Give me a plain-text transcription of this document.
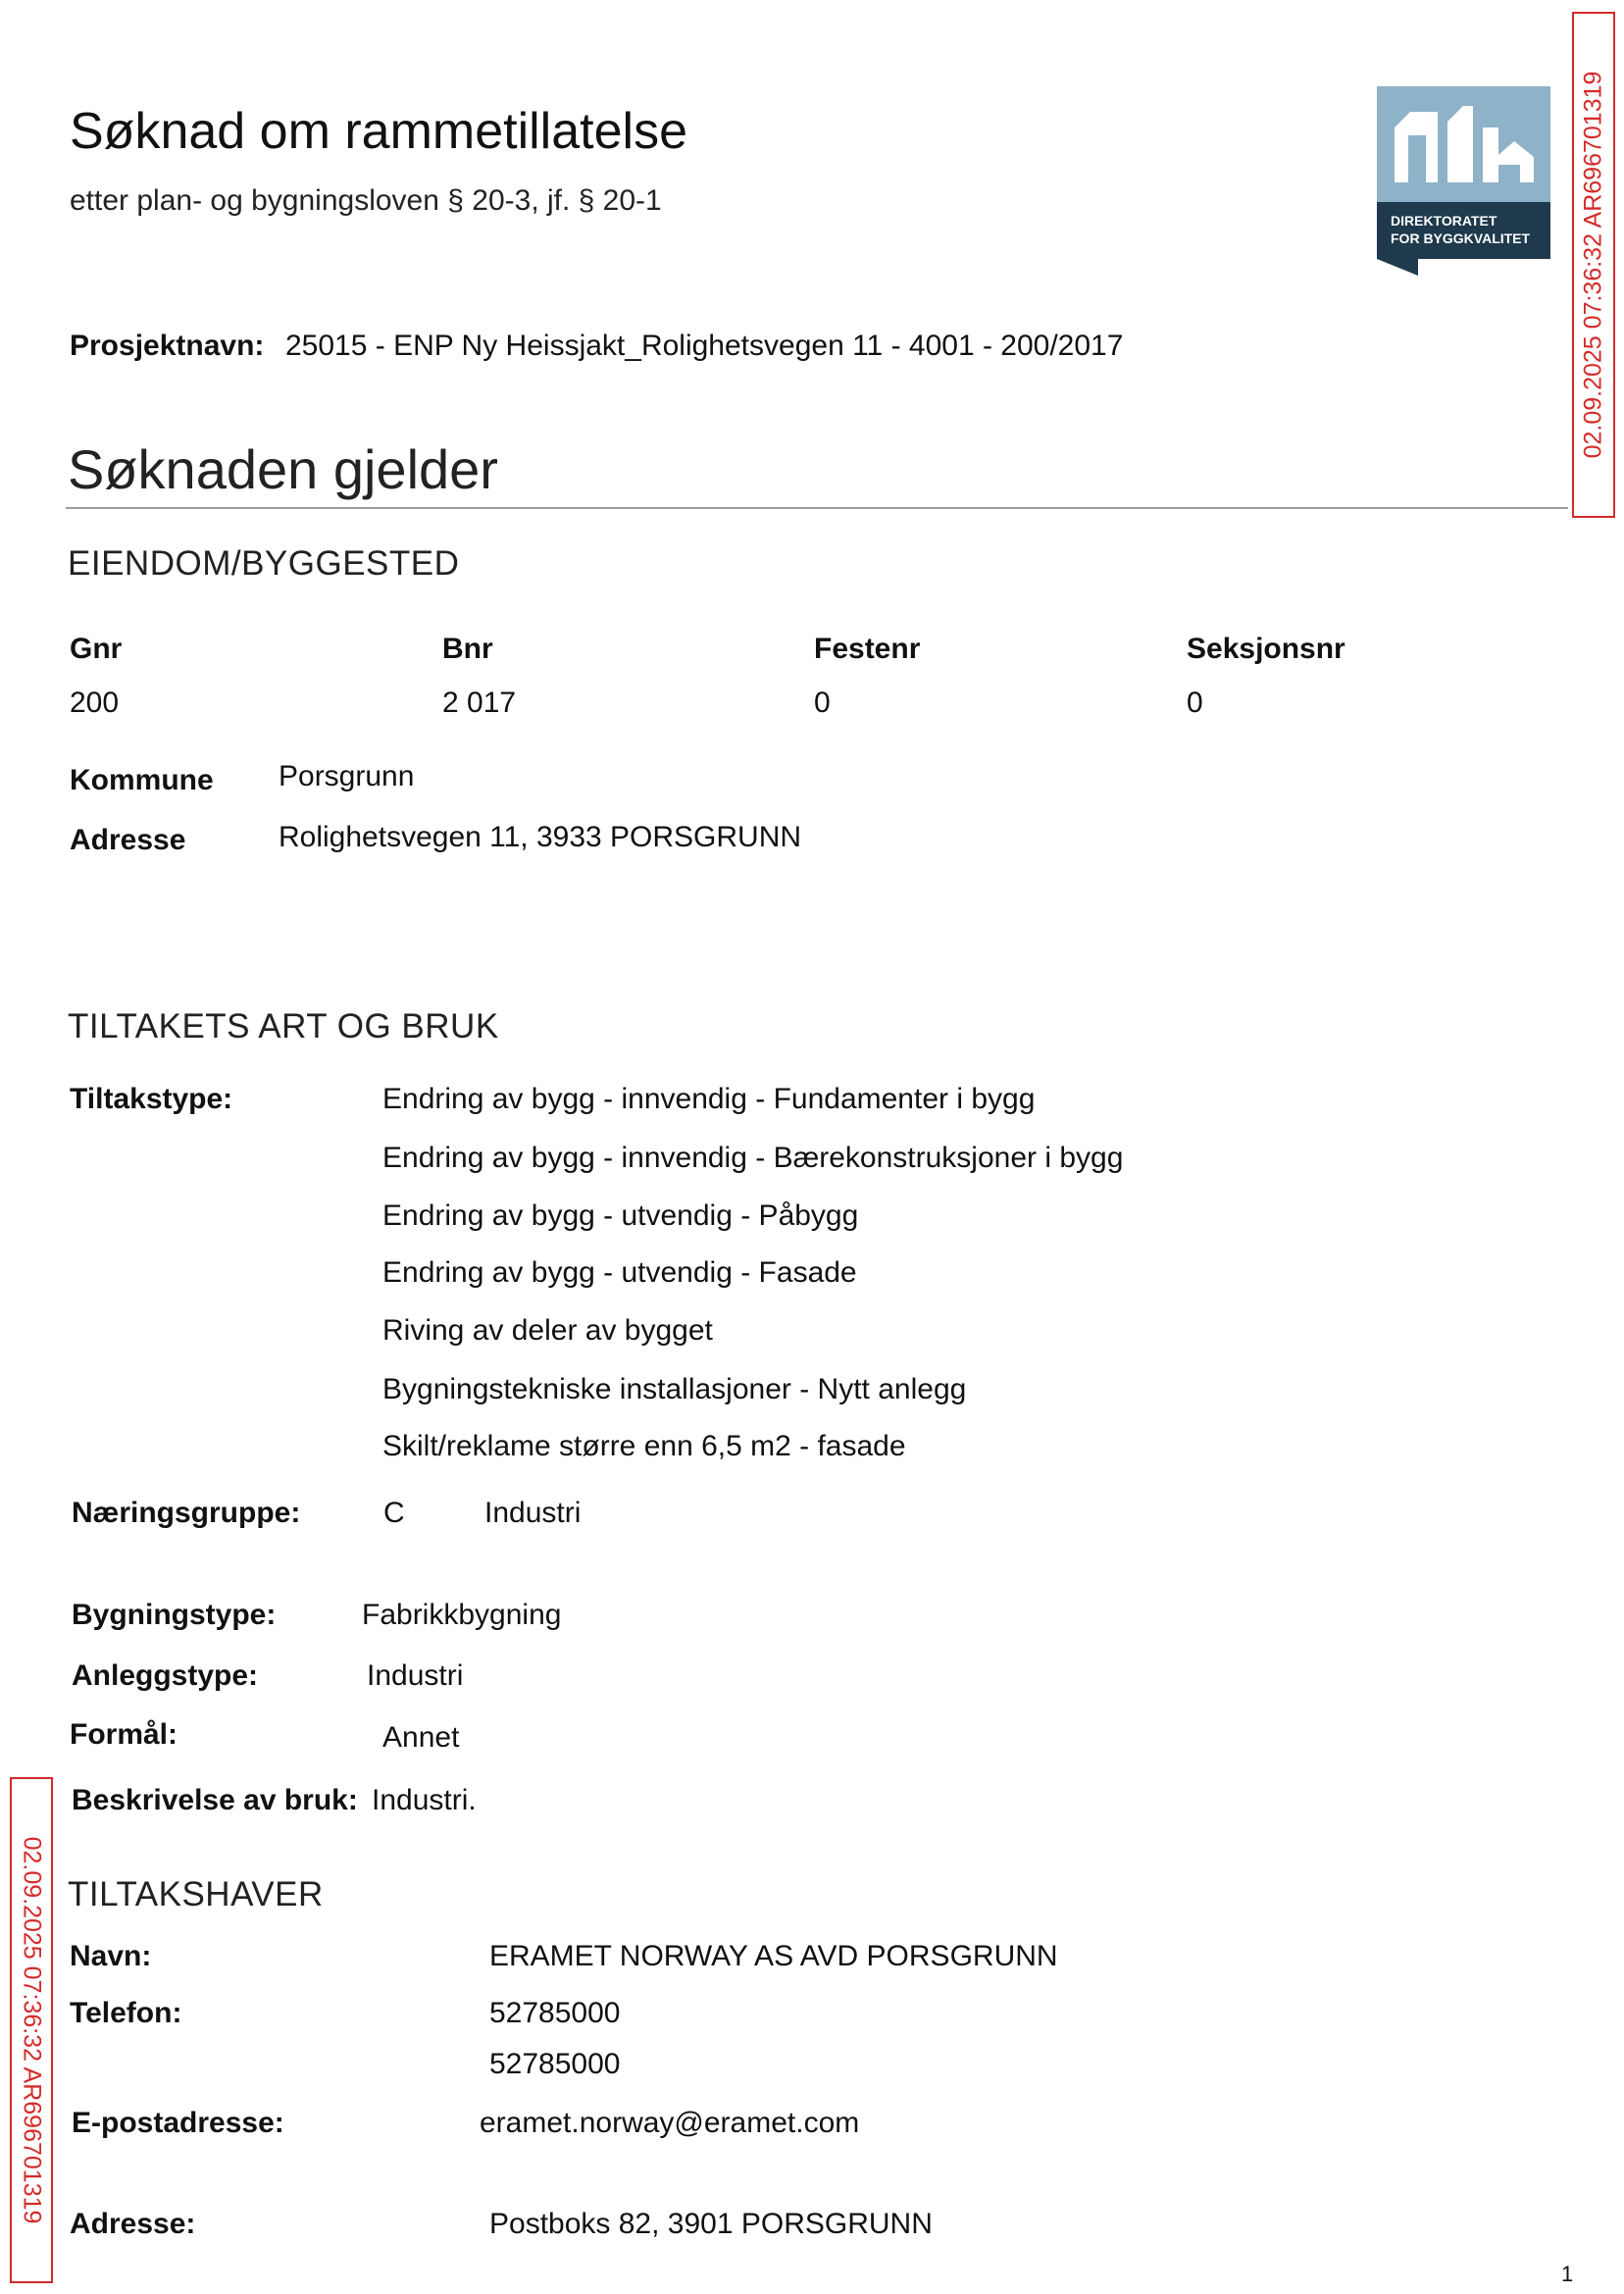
Søknad om rammetillatelse
etter plan- og bygningsloven § 20-3, jf. § 20-1
DIREKTORATET
FOR BYGGKVALITET 02.09.2025 07:36:32 AR696701319
Prosjektnavn: 25015 - ENP Ny Heissjakt_Rolighetsvegen 11 - 4001 - 200/2017
Søknaden gjelder
EIENDOM/BYGGESTED
Gnr	Bnr	Festenr	Seksjonsnr
200	2 017	0	0
Kommune Porsgrunn
Adresse	Rolighetsvegen 11, 3933 PORSGRUNN
TILTAKETS ART OG BRUK
Tiltakstype:	Endring av bygg - innvendig - Fundamenter i bygg
Endring av bygg - innvendig - Bærekonstruksjoner i bygg
Endring av bygg - utvendig - Påbygg
Endring av bygg - utvendig - Fasade
Riving av deler av bygget
Bygningstekniske installasjoner - Nytt anlegg
Skilt/reklame større enn 6,5 m2 - fasade
Næringsgruppe:	C	Industri
Bygningstype:	Fabrikkbygning
Anleggstype:	Industri
Formål:	Annet
Beskrivelse av bruk: Industri.
02.09.2025 07:36:32 AR696701319 TILTAKSHAVER
Navn:	ERAMET NORWAY AS AVD PORSGRUNN
Telefon:	52785000
52785000
E-postadresse:	eramet.norway@eramet.com
Adresse:	Postboks 82, 3901 PORSGRUNN
1
